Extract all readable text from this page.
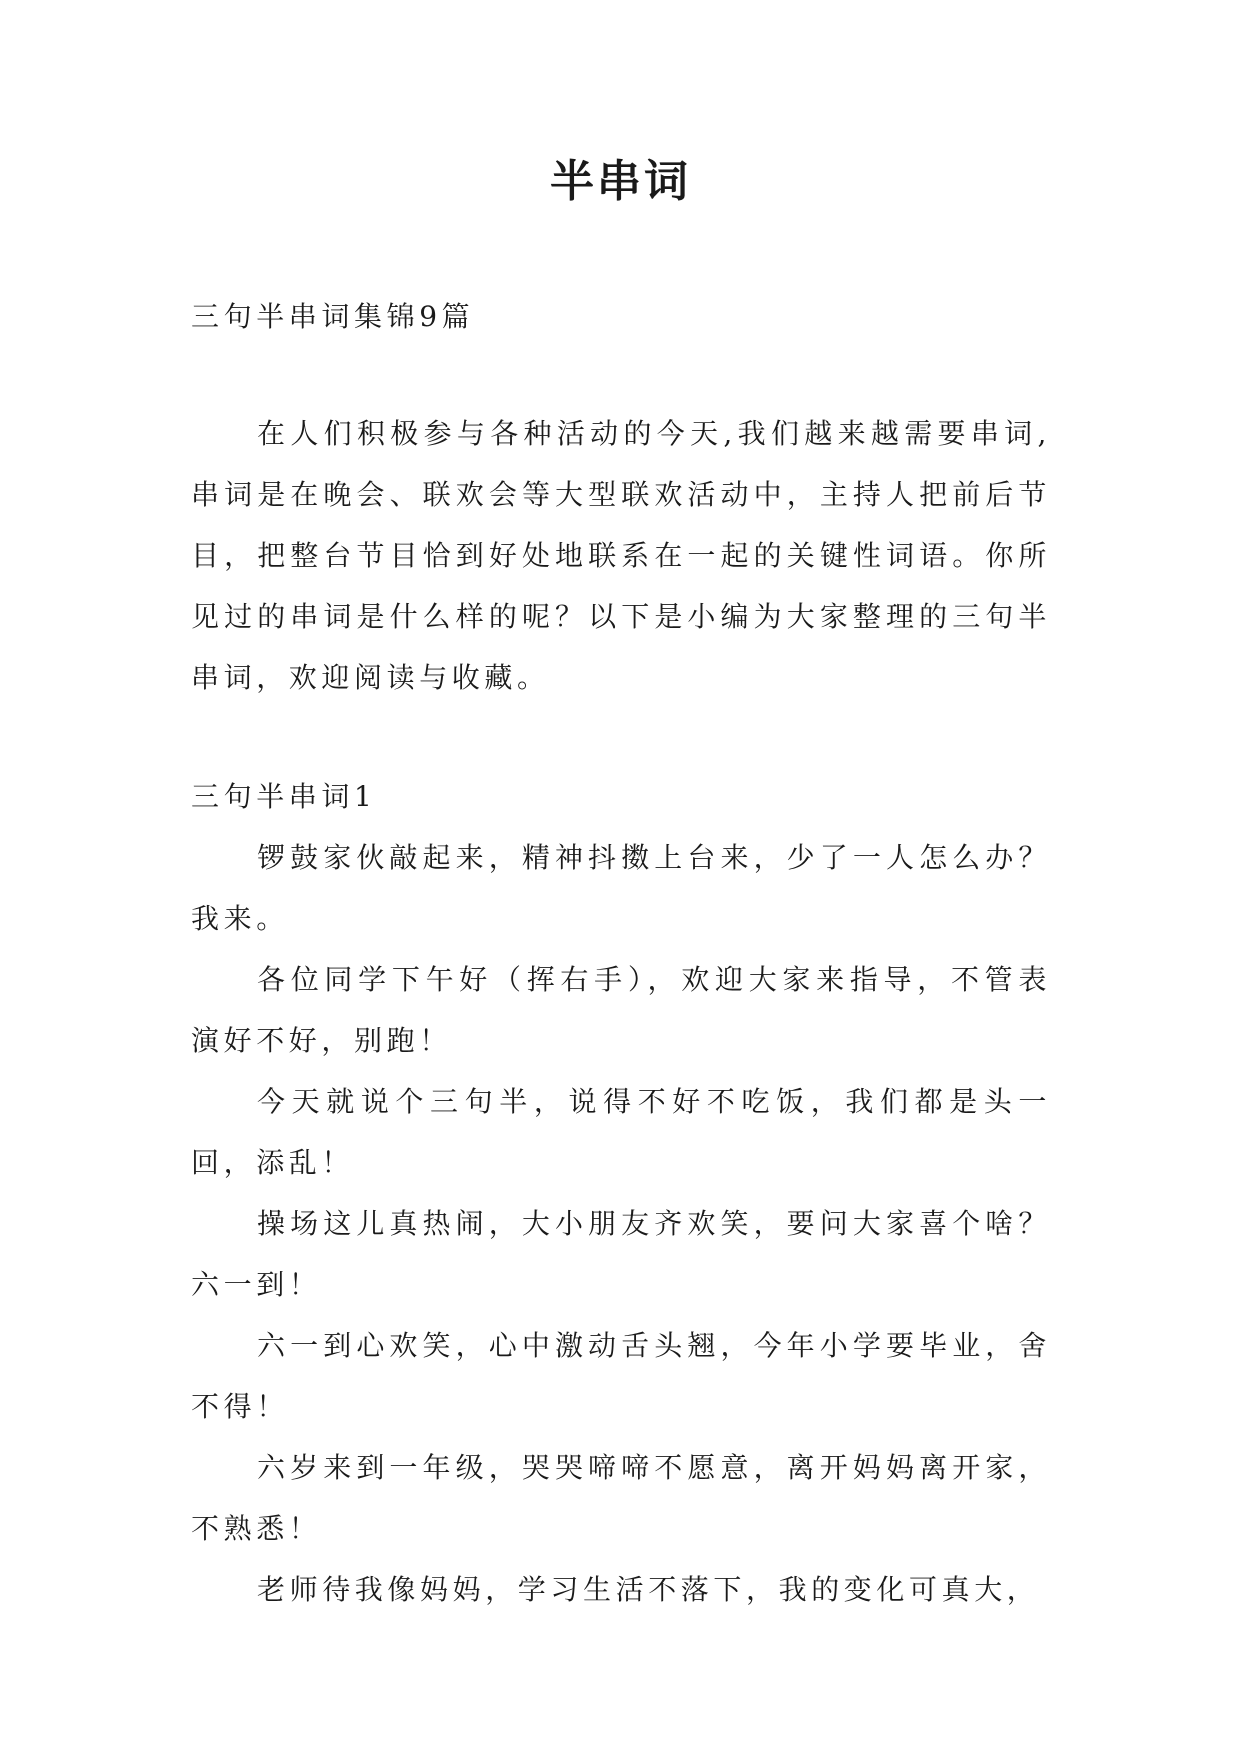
半串词

三句半串词集锦9篇

在人们积极参与各种活动的今天,我们越来越需要串词,串词是在晚会、联欢会等大型联欢活动中，主持人把前后节目，把整台节目恰到好处地联系在一起的关键性词语。你所见过的串词是什么样的呢？以下是小编为大家整理的三句半串词，欢迎阅读与收藏。

三句半串词1

锣鼓家伙敲起来，精神抖擞上台来，少了一人怎么办？我来。

各位同学下午好（挥右手），欢迎大家来指导，不管表演好不好，别跑！

今天就说个三句半，说得不好不吃饭，我们都是头一回，添乱！

操场这儿真热闹，大小朋友齐欢笑，要问大家喜个啥？六一到！

六一到心欢笑，心中激动舌头翘，今年小学要毕业，舍不得！

六岁来到一年级，哭哭啼啼不愿意，离开妈妈离开家，不熟悉！

老师待我像妈妈，学习生活不落下，我的变化可真大，
